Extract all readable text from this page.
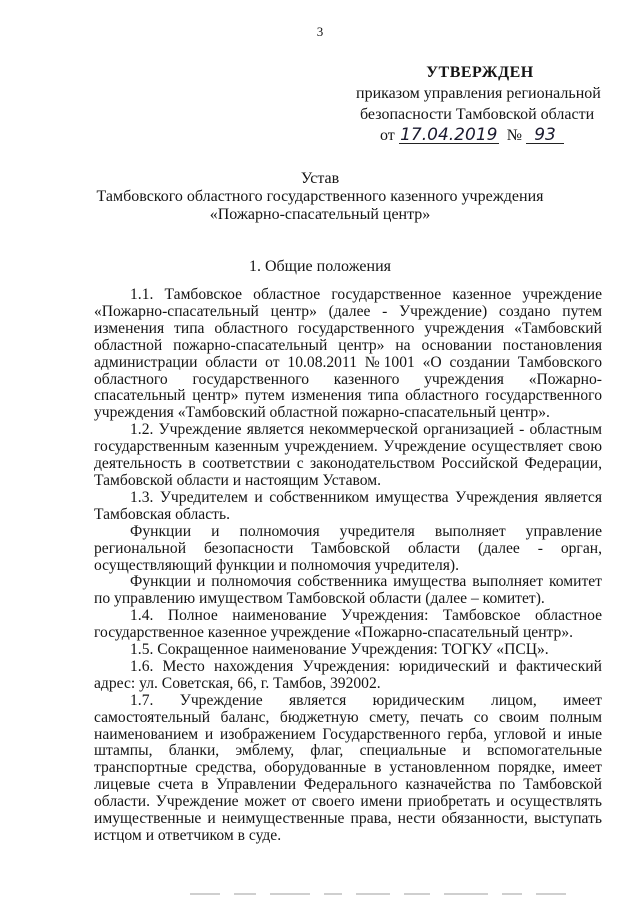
3
УТВЕРЖДЕН
приказом управления региональной
безопасности Тамбовской области
от 17.04.2019 № 93
Устав
Тамбовского областного государственного казенного учреждения
«Пожарно-спасательный центр»
1. Общие положения

1.1. Тамбовское областное государственное казенное учреждение «Пожарно-спасательный центр» (далее - Учреждение) создано путем изменения типа областного государственного учреждения «Тамбовский областной пожарно-спасательный центр» на основании постановления администрации области от 10.08.2011 №1001 «О создании Тамбовского областного государственного казенного учреждения «Пожарно-спасательный центр» путем изменения типа областного государственного учреждения «Тамбовский областной пожарно-спасательный центр».

1.2. Учреждение является некоммерческой организацией - областным государственным казенным учреждением. Учреждение осуществляет свою деятельность в соответствии с законодательством Российской Федерации, Тамбовской области и настоящим Уставом.

1.3. Учредителем и собственником имущества Учреждения является Тамбовская область.

Функции и полномочия учредителя выполняет управление региональной безопасности Тамбовской области (далее - орган, осуществляющий функции и полномочия учредителя).

Функции и полномочия собственника имущества выполняет комитет по управлению имуществом Тамбовской области (далее – комитет).

1.4. Полное наименование Учреждения: Тамбовское областное государственное казенное учреждение «Пожарно-спасательный центр».

1.5. Сокращенное наименование Учреждения: ТОГКУ «ПСЦ».

1.6. Место нахождения Учреждения: юридический и фактический адрес: ул. Советская, 66, г. Тамбов, 392002.

1.7. Учреждение является юридическим лицом, имеет самостоятельный баланс, бюджетную смету, печать со своим полным наименованием и изображением Государственного герба, угловой и иные штампы, бланки, эмблему, флаг, специальные и вспомогательные транспортные средства, оборудованные в установленном порядке, имеет лицевые счета в Управлении Федерального казначейства по Тамбовской области. Учреждение может от своего имени приобретать и осуществлять имущественные и неимущественные права, нести обязанности, выступать истцом и ответчиком в суде.
